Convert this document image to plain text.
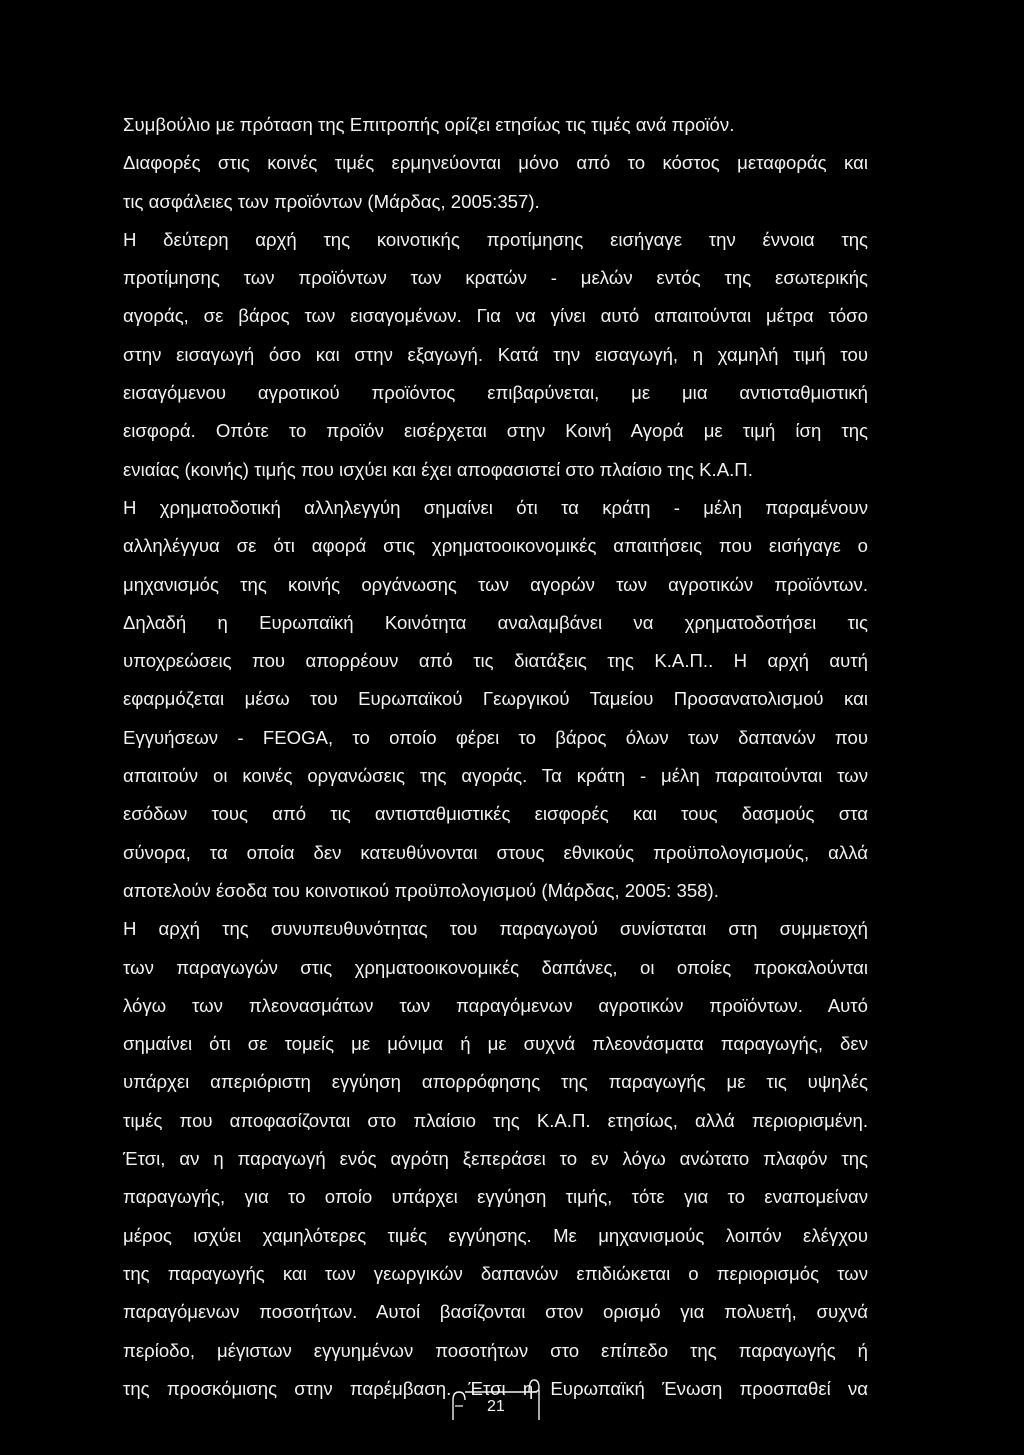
Συμβούλιο με πρόταση της Επιτροπής ορίζει ετησίως τις τιμές ανά προϊόν.
Διαφορές στις κοινές τιμές ερμηνεύονται μόνο από το κόστος μεταφοράς και
τις ασφάλειες των προϊόντων (Μάρδας, 2005:357).
Η δεύτερη αρχή της κοινοτικής προτίμησης εισήγαγε την έννοια της
προτίμησης των προϊόντων των κρατών - μελών εντός της εσωτερικής
αγοράς, σε βάρος των εισαγομένων. Για να γίνει αυτό απαιτούνται μέτρα τόσο
στην εισαγωγή όσο και στην εξαγωγή. Κατά την εισαγωγή, η χαμηλή τιμή του
εισαγόμενου αγροτικού προϊόντος επιβαρύνεται, με μια αντισταθμιστική
εισφορά. Οπότε το προϊόν εισέρχεται στην Κοινή Αγορά με τιμή ίση της
ενιαίας (κοινής) τιμής που ισχύει και έχει αποφασιστεί στο πλαίσιο της Κ.Α.Π.
Η χρηματοδοτική αλληλεγγύη σημαίνει ότι τα κράτη - μέλη παραμένουν
αλληλέγγυα σε ότι αφορά στις χρηματοοικονομικές απαιτήσεις που εισήγαγε ο
μηχανισμός της κοινής οργάνωσης των αγορών των αγροτικών προϊόντων.
Δηλαδή η Ευρωπαϊκή Κοινότητα αναλαμβάνει να χρηματοδοτήσει τις
υποχρεώσεις που απορρέουν από τις διατάξεις της Κ.Α.Π.. Η αρχή αυτή
εφαρμόζεται μέσω του Ευρωπαϊκού Γεωργικού Ταμείου Προσανατολισμού και
Εγγυήσεων - FEOGA, το οποίο φέρει το βάρος όλων των δαπανών που
απαιτούν οι κοινές οργανώσεις της αγοράς. Τα κράτη - μέλη παραιτούνται των
εσόδων τους από τις αντισταθμιστικές εισφορές και τους δασμούς στα
σύνορα, τα οποία δεν κατευθύνονται στους εθνικούς προϋπολογισμούς, αλλά
αποτελούν έσοδα του κοινοτικού προϋπολογισμού (Μάρδας, 2005: 358).
Η αρχή της συνυπευθυνότητας του παραγωγού συνίσταται στη συμμετοχή
των παραγωγών στις χρηματοοικονομικές δαπάνες, οι οποίες προκαλούνται
λόγω των πλεονασμάτων των παραγόμενων αγροτικών προϊόντων. Αυτό
σημαίνει ότι σε τομείς με μόνιμα ή με συχνά πλεονάσματα παραγωγής, δεν
υπάρχει απεριόριστη εγγύηση απορρόφησης της παραγωγής με τις υψηλές
τιμές που αποφασίζονται στο πλαίσιο της Κ.Α.Π. ετησίως, αλλά περιορισμένη.
Έτσι, αν η παραγωγή ενός αγρότη ξεπεράσει το εν λόγω ανώτατο πλαφόν της
παραγωγής, για το οποίο υπάρχει εγγύηση τιμής, τότε για το εναπομείναν
μέρος ισχύει χαμηλότερες τιμές εγγύησης. Με μηχανισμούς λοιπόν ελέγχου
της παραγωγής και των γεωργικών δαπανών επιδιώκεται ο περιορισμός των
παραγόμενων ποσοτήτων. Αυτοί βασίζονται στον ορισμό για πολυετή, συχνά
περίοδο, μέγιστων εγγυημένων ποσοτήτων στο επίπεδο της παραγωγής ή
της προσκόμισης στην παρέμβαση. Έτσι η Ευρωπαϊκή Ένωση προσπαθεί να
21
